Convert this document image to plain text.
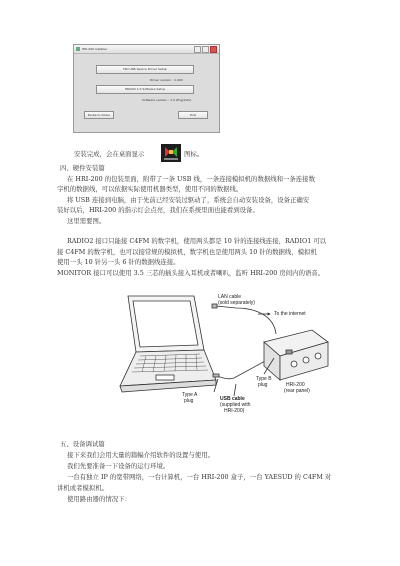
HRI-200 Installer
HRI USB Device Driver Setup
Driver version : 1.000
HRI200 1.0 Software Setup
Software version : 1.0 (Eng/Indo)
Route to folder	Exit
安装完成，会在桌面显示	图标。
四、硬件安装篇
在 HRI-200 的包装里面，附带了一条 USB 线，一条连接模拟机的数据线和一条连接数
字机的数据线，可以依据实际使用机器类型，使用不同的数据线。
将 USB 连接到电脑，由于先前已经安装过驱动了，系统会自动安装设备，设备正确安
装好以后，HRI-200 的指示灯会点亮，我们在系统里面也能看到设备。
这里需要图。
RADIO2 接口只能接 C4FM 的数字机，使用两头都是 10 针的连接线连接，RADIO1 可以
接 C4FM 的数字机，也可以接常规的模拟机，数字机也是使用两头 10 针的数据线，模拟机
使用一头 10 针另一头 6 针的数据线连接。
MONITOR 接口可以使用 3.5 三芯的插头接入耳机或者喇叭，监听 HRI-200 房间内的语音。
LAN cable
(sold separately)
To the internet
Type B
plug	HRI-200
(rear panel)
Type A
plug	USB cable
(supplied with
HRI-200)
五、设备调试篇
接下来我们会用大量的篇幅介绍软件的设置与使用。
我们先要准备一下设备的运行环境。
一台有独立 IP 的宽带网络，一台计算机，一台 HRI-200 盒子，一台 YAESUD 的 C4FM 对
讲机或者模拟机。
使用路由器的情况下：
